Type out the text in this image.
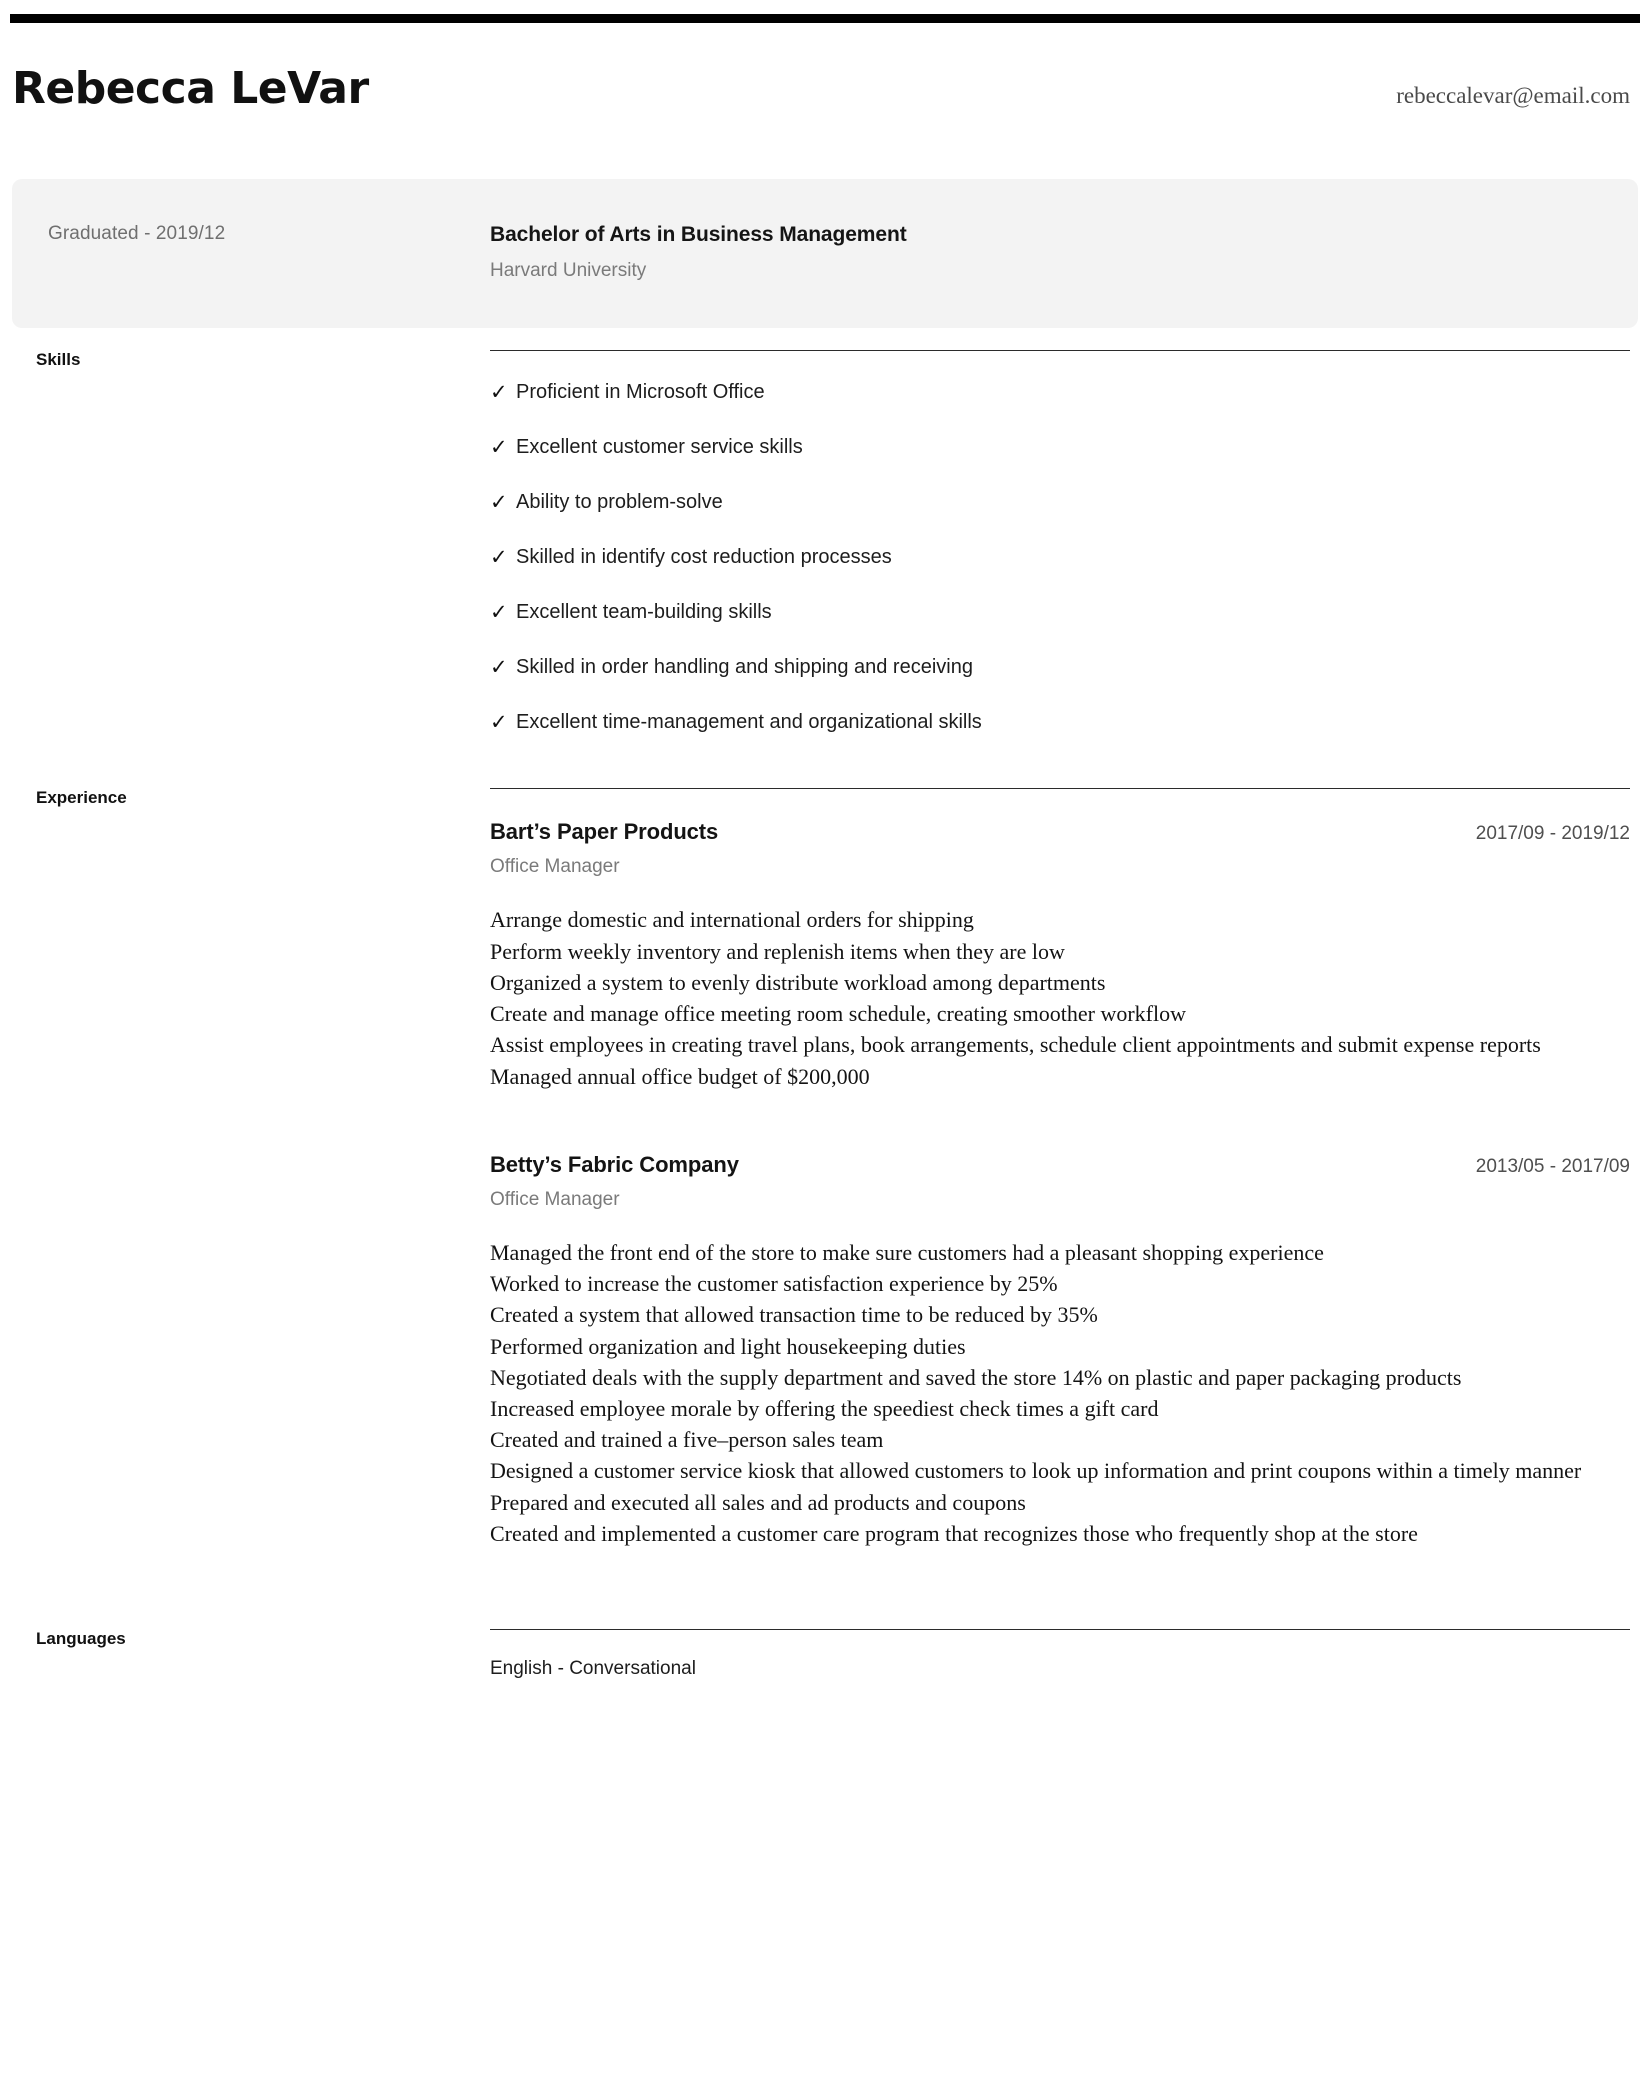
Rebecca LeVar	rebeccalevar@email.com
Graduated - 2019/12	Bachelor of Arts in Business Management
Harvard University
Skills
✓ Proficient in Microsoft Office
✓ Excellent customer service skills
✓ Ability to problem-solve
✓ Skilled in identify cost reduction processes
✓ Excellent team-building skills
✓ Skilled in order handling and shipping and receiving
✓ Excellent time-management and organizational skills
Experience
Bart’s Paper Products	2017/09 - 2019/12
Office Manager
Arrange domestic and international orders for shipping
Perform weekly inventory and replenish items when they are low
Organized a system to evenly distribute workload among departments
Create and manage office meeting room schedule, creating smoother workflow
Assist employees in creating travel plans, book arrangements, schedule client appointments and submit expense reports
Managed annual office budget of $200,000
Betty’s Fabric Company	2013/05 - 2017/09
Office Manager
Managed the front end of the store to make sure customers had a pleasant shopping experience
Worked to increase the customer satisfaction experience by 25%
Created a system that allowed transaction time to be reduced by 35%
Performed organization and light housekeeping duties
Negotiated deals with the supply department and saved the store 14% on plastic and paper packaging products
Increased employee morale by offering the speediest check times a gift card
Created and trained a five–person sales team
Designed a customer service kiosk that allowed customers to look up information and print coupons within a timely manner
Prepared and executed all sales and ad products and coupons
Created and implemented a customer care program that recognizes those who frequently shop at the store
Languages
English - Conversational
